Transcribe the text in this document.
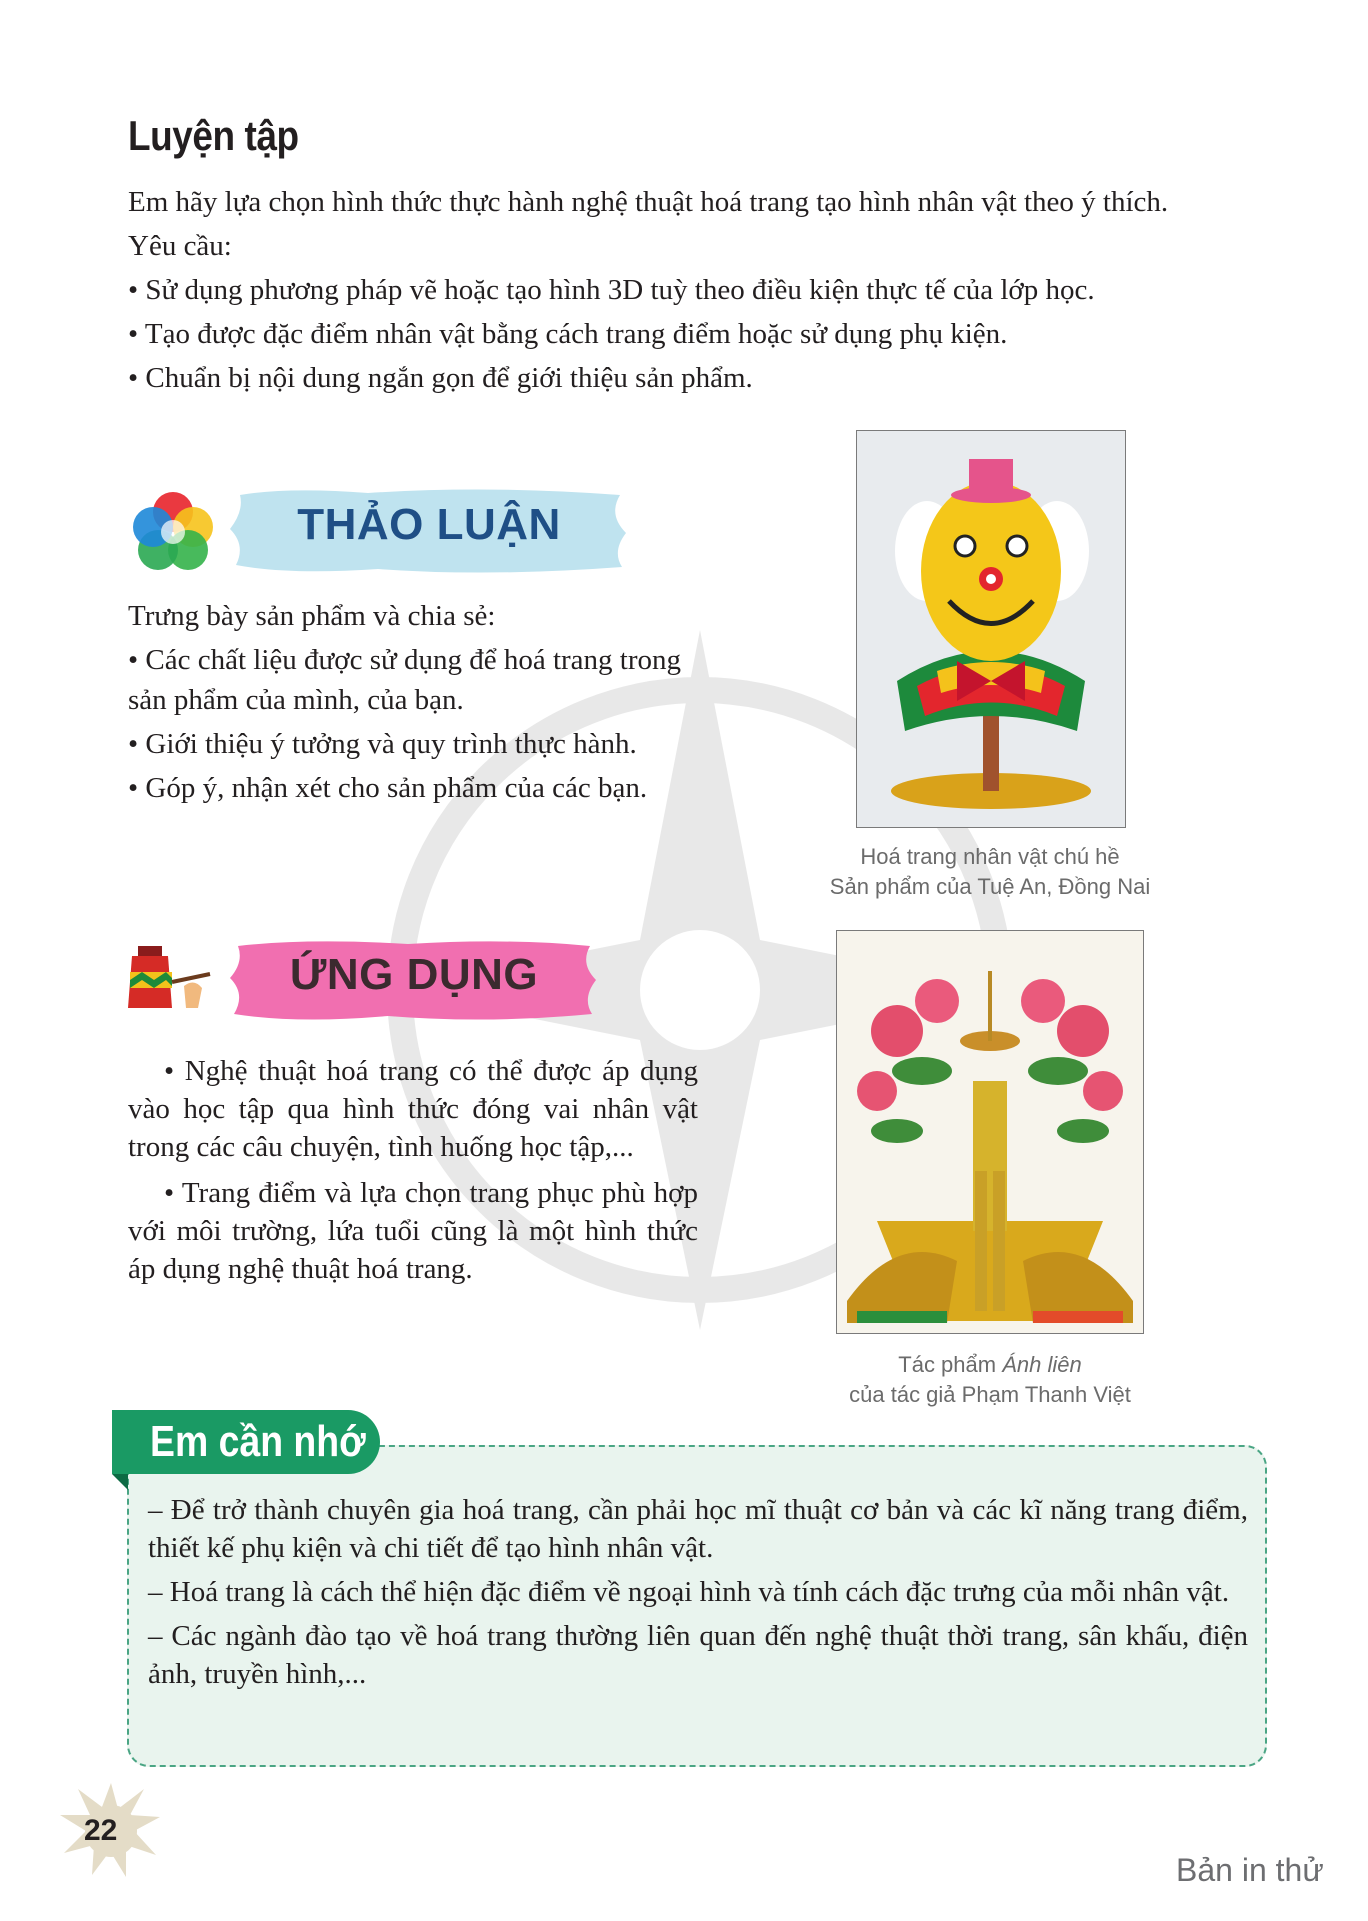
Luyện tập

Em hãy lựa chọn hình thức thực hành nghệ thuật hoá trang tạo hình nhân vật theo ý thích.

Yêu cầu:

• Sử dụng phương pháp vẽ hoặc tạo hình 3D tuỳ theo điều kiện thực tế của lớp học.

• Tạo được đặc điểm nhân vật bằng cách trang điểm hoặc sử dụng phụ kiện.

• Chuẩn bị nội dung ngắn gọn để giới thiệu sản phẩm.

THẢO LUẬN

Trưng bày sản phẩm và chia sẻ:

• Các chất liệu được sử dụng để hoá trang trong sản phẩm của mình, của bạn.

• Giới thiệu ý tưởng và quy trình thực hành.

• Góp ý, nhận xét cho sản phẩm của các bạn.

Hoá trang nhân vật chú hề
Sản phẩm của Tuệ An, Đồng Nai
ỨNG DỤNG

• Nghệ thuật hoá trang có thể được áp dụng vào học tập qua hình thức đóng vai nhân vật trong các câu chuyện, tình huống học tập,...

• Trang điểm và lựa chọn trang phục phù hợp với môi trường, lứa tuổi cũng là một hình thức áp dụng nghệ thuật hoá trang.

Tác phẩm Ánh liên
của tác giả Phạm Thanh Việt
Em cần nhớ

– Để trở thành chuyên gia hoá trang, cần phải học mĩ thuật cơ bản và các kĩ năng trang điểm, thiết kế phụ kiện và chi tiết để tạo hình nhân vật.

– Hoá trang là cách thể hiện đặc điểm về ngoại hình và tính cách đặc trưng của mỗi nhân vật.

– Các ngành đào tạo về hoá trang thường liên quan đến nghệ thuật thời trang, sân khấu, điện ảnh, truyền hình,...

22
Bản in thử
